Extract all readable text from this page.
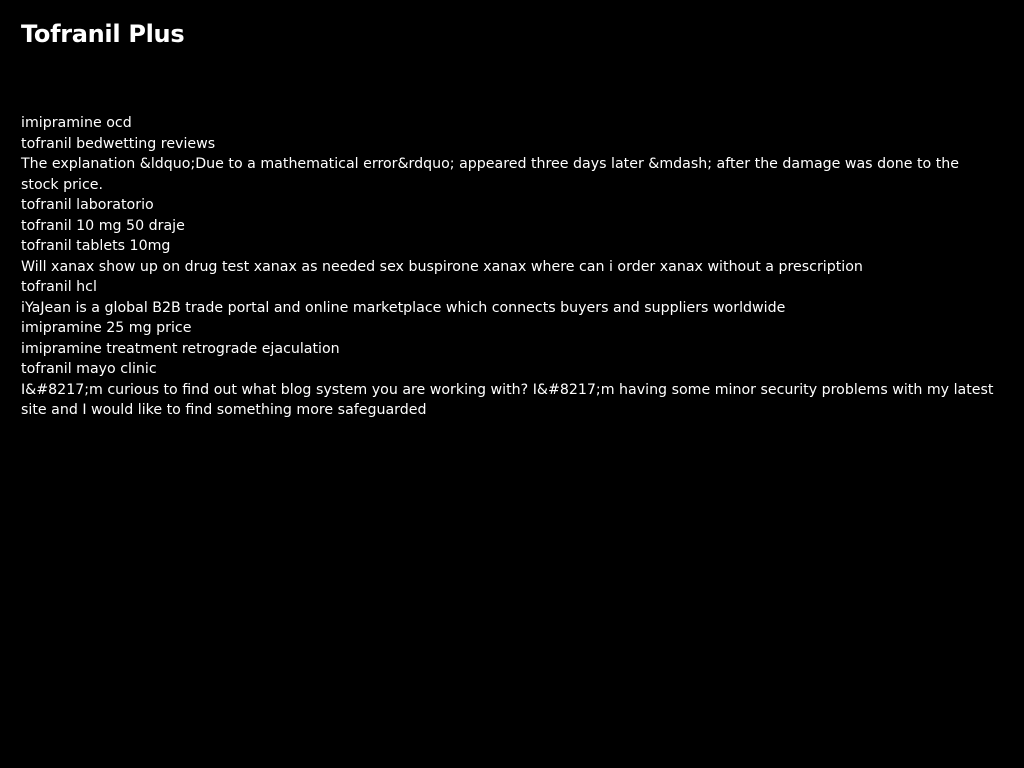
Tofranil Plus
imipramine ocd
tofranil bedwetting reviews
The explanation &ldquo;Due to a mathematical error&rdquo; appeared three days later &mdash; after the damage was done to the stock price.
tofranil laboratorio
tofranil 10 mg 50 draje
tofranil tablets 10mg
Will xanax show up on drug test xanax as needed sex buspirone xanax where can i order xanax without a prescription
tofranil hcl
iYaJean is a global B2B trade portal and online marketplace which connects buyers and suppliers worldwide
imipramine 25 mg price
imipramine treatment retrograde ejaculation
tofranil mayo clinic
I&#8217;m curious to find out what blog system you are working with? I&#8217;m having some minor security problems with my latest site and I would like to find something more safeguarded
